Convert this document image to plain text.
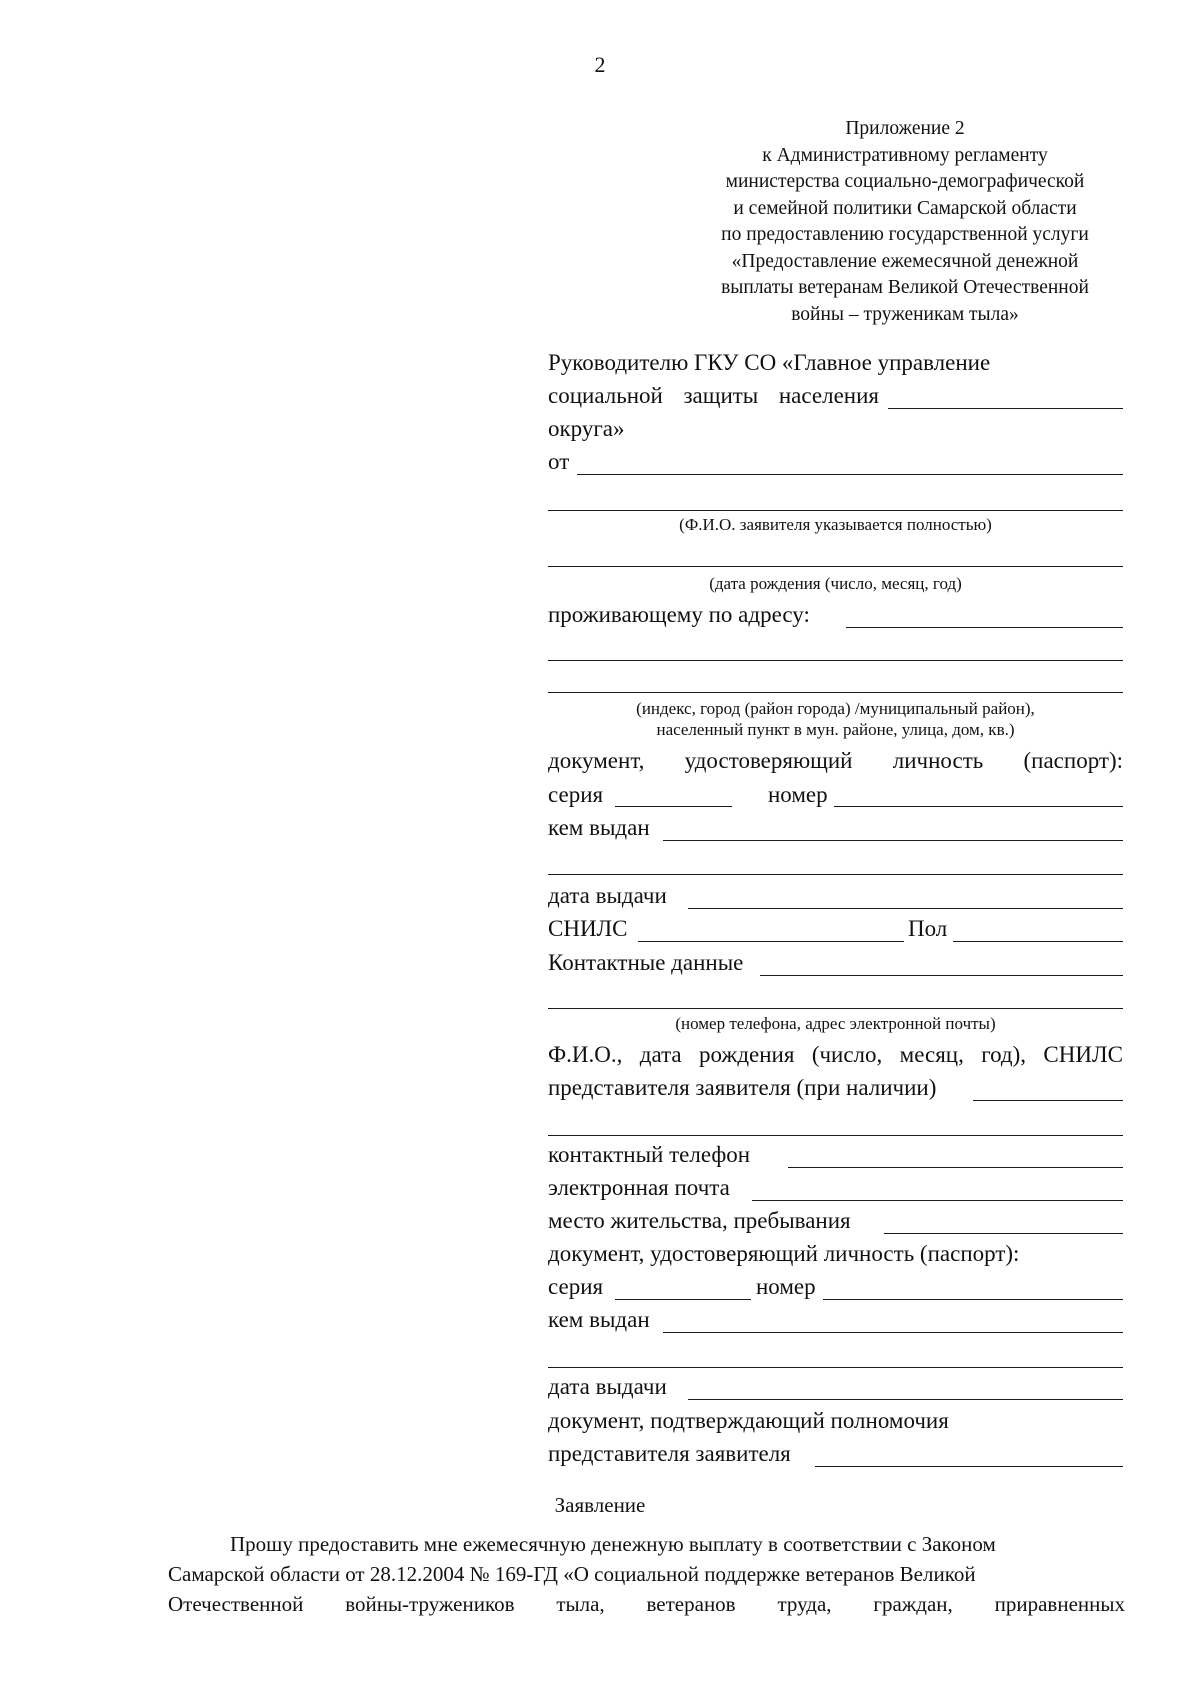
2
Приложение 2
к Административному регламенту
министерства социально-демографической
и семейной политики Самарской области
по предоставлению государственной услуги
«Предоставление ежемесячной денежной
выплаты ветеранам Великой Отечественной
войны – труженикам тыла»
Руководителю ГКУ СО «Главное управление
социальной защиты населения
округа»
от
(Ф.И.О. заявителя указывается полностью)
(дата рождения (число, месяц, год)
проживающему по адресу:
(индекс, город (район города) /муниципальный район),
населенный пункт в мун. районе, улица, дом, кв.)
документ, удостоверяющий личность (паспорт):
серия	номер
кем выдан
дата выдачи
СНИЛС	Пол
Контактные данные
(номер телефона, адрес электронной почты)
Ф.И.О., дата рождения (число, месяц, год), СНИЛС
представителя заявителя (при наличии)
контактный телефон
электронная почта
место жительства, пребывания
документ, удостоверяющий личность (паспорт):
серия	номер
кем выдан
дата выдачи
документ, подтверждающий полномочия
представителя заявителя
Заявление
Прошу предоставить мне ежемесячную денежную выплату в соответствии с Законом
Самарской области от 28.12.2004 № 169-ГД «О социальной поддержке ветеранов Великой
Отечественной войны-тружеников тыла, ветеранов труда, граждан, приравненных
